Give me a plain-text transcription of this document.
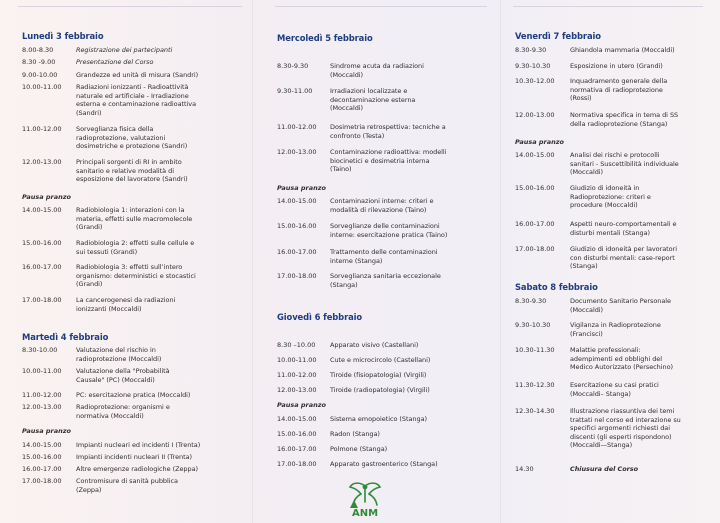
Lunedì 3 febbraio
8.00-8.30	Registrazione dei partecipanti
8.30 -9.00	Presentazione del Corso
9.00-10.00	Grandezze ed unità di misura (Sandri)
10.00-11.00 Radiazioni ionizzanti - Radioattività
naturale ed artificiale - Irradiazione
esterna e contaminazione radioattiva
(Sandri)
11.00-12.00 Sorveglianza fisica della
radioprotezione, valutazioni
dosimetriche e protezione (Sandri)
12.00-13.00 Principali sorgenti di RI in ambito
sanitario e relative modalità di
esposizione del lavoratore (Sandri)
14.00-15.00 Radiobiologia 1: interazioni con la
materia, effetti sulle macromolecole
(Grandi)
15.00-16.00 Radiobiologia 2: effetti sulle cellule e
sui tessuti (Grandi)
16.00-17.00 Radiobiologia 3: effetti sull’intero
organismo: deterministici e stocastici
(Grandi)
17.00-18.00 La cancerogenesi da radiazioni
ionizzanti (Moccaldi)
Pausa pranzo
Martedì 4 febbraio
8.30-10.00	Valutazione del rischio in
radioprotezione (Moccaldi)
10.00-11.00 Valutazione della "Probabilità
Causale" (PC) (Moccaldi)
11.00-12.00 PC: esercitazione pratica (Moccaldi)
12.00-13.00 Radioprotezione: organismi e
normativa (Moccaldi)
14.00-15.00 Impianti nucleari ed incidenti I (Trenta)
15.00-16.00 Impianti incidenti nucleari II (Trenta)
16.00-17.00 Altre emergenze radiologiche (Zeppa)
17.00-18.00 Contromisure di sanità pubblica
(Zeppa)
Pausa pranzo
Mercoledì 5 febbraio
8.30-9.30	Sindrome acuta da radiazioni
(Moccaldi)
9.30-11.00	Irradiazioni localizzate e
decontaminazione esterna
(Moccaldi)
11.00-12.00 Dosimetria retrospettiva: tecniche a
confronto (Testa)
12.00-13.00 Contaminazione radioattiva: modelli
biocinetici e dosimetria interna
(Taino)
14.00-15.00 Contaminazioni interne: criteri e
modalità di rilevazione (Taino)
15.00-16.00 Sorveglianze delle contaminazioni
interne: esercitazione pratica (Taino)
16.00-17.00 Trattamento delle contaminazioni
interne (Stanga)
17.00-18.00 Sorveglianza sanitaria eccezionale
(Stanga)
Pausa pranzo
Giovedì 6 febbraio
8.30 –10.00 Apparato visivo (Castellani)
10.00-11.00 Cute e microcircolo (Castellani)
11.00-12.00 Tiroide (fisiopatologia) (Virgili)
12.00-13.00 Tiroide (radiopatologia) (Virgili)
14.00-15.00 Sistema emopoietico (Stanga)
15.00-16.00 Radon (Stanga)
16.00-17.00 Polmone (Stanga)
17.00-18.00 Apparato gastroenterico (Stanga)
Pausa pranzo
Venerdì 7 febbraio
8.30-9.30	Ghiandola mammaria (Moccaldi)
9.30-10.30	Esposizione in utero (Grandi)
10.30-12.00 Inquadramento generale della
normativa di radioprotezione
(Rossi)
12.00-13.00 Normativa specifica in tema di SS
della radioprotezione (Stanga)
14.00-15.00 Analisi dei rischi e protocolli
sanitari - Suscettibilità individuale
(Moccaldi)
15.00-16.00 Giudizio di idoneità in
Radioprotezione: criteri e
procedure (Moccaldi)
16.00-17.00 Aspetti neuro-comportamentali e
disturbi mentali (Stanga)
17.00-18.00 Giudizio di idoneità per lavoratori
con disturbi mentali: case-report
(Stanga)
Pausa pranzo
Sabato 8 febbraio
8.30-9.30	Documento Sanitario Personale
(Moccaldi)
9.30-10.30	Vigilanza in Radioprotezione
(Francisci)
10.30-11.30 Malattie professionali:
adempimenti ed obblighi del
Medico Autorizzato (Persechino)
11.30-12.30 Esercitazione su casi pratici
(Moccaldi– Stanga)
12.30-14.30 Illustrazione riassuntiva dei temi
trattati nel corso ed interazione su
specifici argomenti richiesti dai
discenti (gli esperti rispondono)
(Moccaldi—Stanga)
14.30	Chiusura del Corso
ANM
